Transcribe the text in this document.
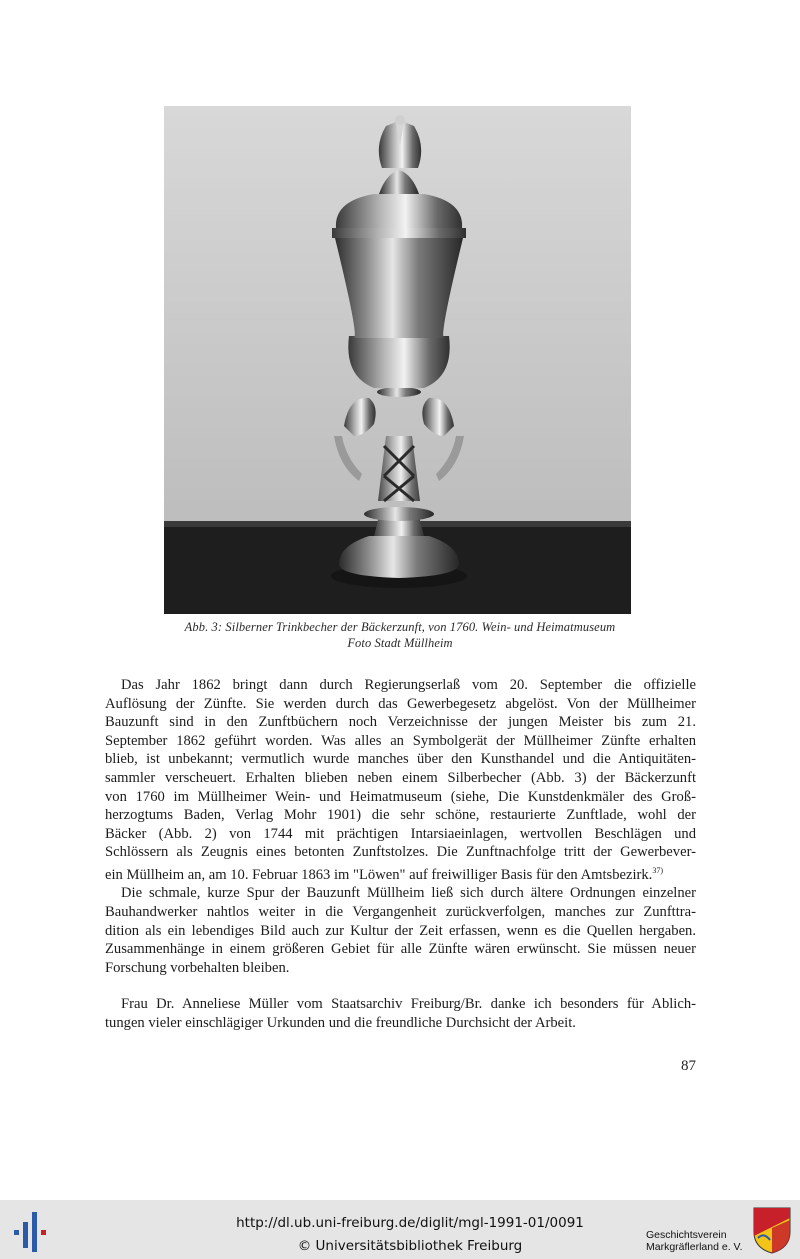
Abb. 3: Silberner Trinkbecher der Bäckerzunft, von 1760. Wein- und Heimatmuseum
Foto Stadt Müllheim

Das Jahr 1862 bringt dann durch Regierungserlaß vom 20. September die offizielle

Auflösung der Zünfte. Sie werden durch das Gewerbegesetz abgelöst. Von der Müllheimer

Bauzunft sind in den Zunftbüchern noch Verzeichnisse der jungen Meister bis zum 21.

September 1862 geführt worden. Was alles an Symbolgerät der Müllheimer Zünfte erhalten

blieb, ist unbekannt; vermutlich wurde manches über den Kunsthandel und die Antiquitäten-

sammler verscheuert. Erhalten blieben neben einem Silberbecher (Abb. 3) der Bäckerzunft

von 1760 im Müllheimer Wein- und Heimatmuseum (siehe, Die Kunstdenkmäler des Groß-

herzogtums Baden, Verlag Mohr 1901) die sehr schöne, restaurierte Zunftlade, wohl der

Bäcker (Abb. 2) von 1744 mit prächtigen Intarsiaeinlagen, wertvollen Beschlägen und

Schlössern als Zeugnis eines betonten Zunftstolzes. Die Zunftnachfolge tritt der Gewerbever-

ein Müllheim an, am 10. Februar 1863 im "Löwen" auf freiwilliger Basis für den Amtsbezirk.$^{37)}$

Die schmale, kurze Spur der Bauzunft Müllheim ließ sich durch ältere Ordnungen einzelner

Bauhandwerker nahtlos weiter in die Vergangenheit zurückverfolgen, manches zur Zunfttra-

dition als ein lebendiges Bild auch zur Kultur der Zeit erfassen, wenn es die Quellen hergaben.

Zusammenhänge in einem größeren Gebiet für alle Zünfte wären erwünscht. Sie müssen neuer

Forschung vorbehalten bleiben.

Frau Dr. Anneliese Müller vom Staatsarchiv Freiburg/Br. danke ich besonders für Ablich-

tungen vieler einschlägiger Urkunden und die freundliche Durchsicht der Arbeit.

87
http://dl.ub.uni-freiburg.de/diglit/mgl-1991-01/0091
© Universitätsbibliothek Freiburg
Geschichtsverein
Markgräflerland e. V.
